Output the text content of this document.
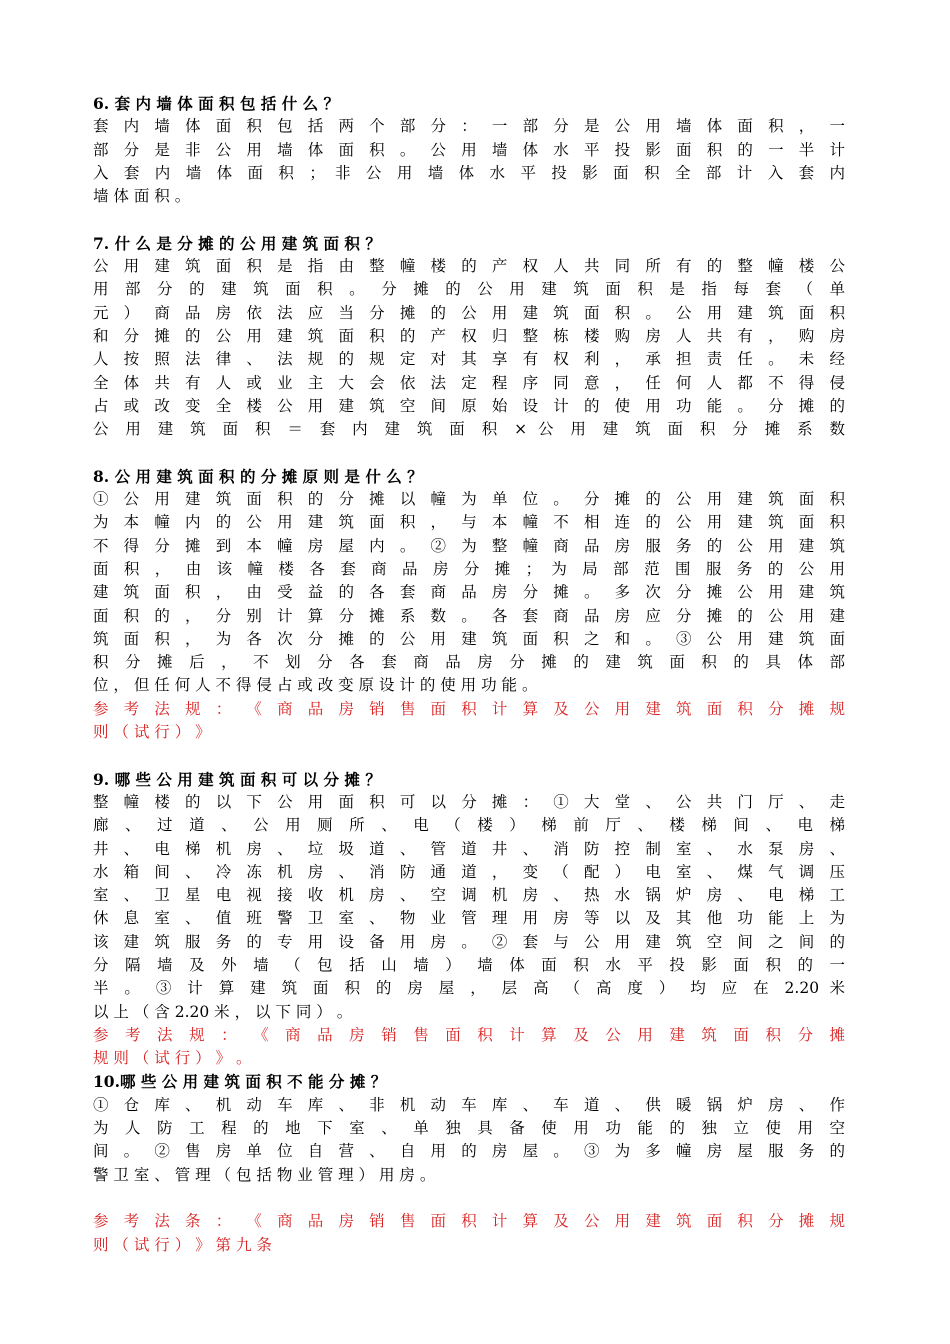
6. 套 内 墙 体 面 积 包 括 什 么 ？
套 内 墙 体 面 积 包 括 两 个 部 分 ： 一 部 分 是 公 用 墙 体 面 积 ， 一
部 分 是 非 公 用 墙 体 面 积 。 公 用 墙 体 水 平 投 影 面 积 的 一 半 计
入 套 内 墙 体 面 积 ； 非 公 用 墙 体 水 平 投 影 面 积 全 部 计 入 套 内
墙 体 面 积 。
7. 什 么 是 分 摊 的 公 用 建 筑 面 积 ？
公 用 建 筑 面 积 是 指 由 整 幢 楼 的 产 权 人 共 同 所 有 的 整 幢 楼 公
用 部 分 的 建 筑 面 积 。 分 摊 的 公 用 建 筑 面 积 是 指 每 套 （ 单
元 ） 商 品 房 依 法 应 当 分 摊 的 公 用 建 筑 面 积 。 公 用 建 筑 面 积
和 分 摊 的 公 用 建 筑 面 积 的 产 权 归 整 栋 楼 购 房 人 共 有 ， 购 房
人 按 照 法 律 、 法 规 的 规 定 对 其 享 有 权 利 ， 承 担 责 任 。 未 经
全 体 共 有 人 或 业 主 大 会 依 法 定 程 序 同 意 ， 任 何 人 都 不 得 侵
占 或 改 变 全 楼 公 用 建 筑 空 间 原 始 设 计 的 使 用 功 能 。 分 摊 的
公 用 建 筑 面 积 ＝ 套 内 建 筑 面 积 × 公 用 建 筑 面 积 分 摊 系 数
8. 公 用 建 筑 面 积 的 分 摊 原 则 是 什 么 ？
① 公 用 建 筑 面 积 的 分 摊 以 幢 为 单 位 。 分 摊 的 公 用 建 筑 面 积
为 本 幢 内 的 公 用 建 筑 面 积 ， 与 本 幢 不 相 连 的 公 用 建 筑 面 积
不 得 分 摊 到 本 幢 房 屋 内 。 ② 为 整 幢 商 品 房 服 务 的 公 用 建 筑
面 积 ， 由 该 幢 楼 各 套 商 品 房 分 摊 ； 为 局 部 范 围 服 务 的 公 用
建 筑 面 积 ， 由 受 益 的 各 套 商 品 房 分 摊 。 多 次 分 摊 公 用 建 筑
面 积 的 ， 分 别 计 算 分 摊 系 数 。 各 套 商 品 房 应 分 摊 的 公 用 建
筑 面 积 ， 为 各 次 分 摊 的 公 用 建 筑 面 积 之 和 。 ③ 公 用 建 筑 面
积 分 摊 后 ， 不 划 分 各 套 商 品 房 分 摊 的 建 筑 面 积 的 具 体 部
位 ， 但 任 何 人 不 得 侵 占 或 改 变 原 设 计 的 使 用 功 能 。
参 考 法 规 ： 《 商 品 房 销 售 面 积 计 算 及 公 用 建 筑 面 积 分 摊 规
则 （ 试 行 ） 》
9. 哪 些 公 用 建 筑 面 积 可 以 分 摊 ？
整 幢 楼 的 以 下 公 用 面 积 可 以 分 摊 ： ① 大 堂 、 公 共 门 厅 、 走
廊 、 过 道 、 公 用 厕 所 、 电 （ 楼 ） 梯 前 厅 、 楼 梯 间 、 电 梯
井 、 电 梯 机 房 、 垃 圾 道 、 管 道 井 、 消 防 控 制 室 、 水 泵 房 、
水 箱 间 、 冷 冻 机 房 、 消 防 通 道 ， 变 （ 配 ） 电 室 、 煤 气 调 压
室 、 卫 星 电 视 接 收 机 房 、 空 调 机 房 、 热 水 锅 炉 房 、 电 梯 工
休 息 室 、 值 班 警 卫 室 、 物 业 管 理 用 房 等 以 及 其 他 功 能 上 为
该 建 筑 服 务 的 专 用 设 备 用 房 。 ② 套 与 公 用 建 筑 空 间 之 间 的
分 隔 墙 及 外 墙 （ 包 括 山 墙 ） 墙 体 面 积 水 平 投 影 面 积 的 一
半 。 ③ 计 算 建 筑 面 积 的 房 屋 ， 层 高 （ 高 度 ） 均 应 在 2.20 米
以 上 （ 含 2.20 米 ， 以 下 同 ） 。
参 考 法 规 ： 《 商 品 房 销 售 面 积 计 算 及 公 用 建 筑 面 积 分 摊
规 则 （ 试 行 ） 》 。
10.哪 些 公 用 建 筑 面 积 不 能 分 摊 ？
① 仓 库 、 机 动 车 库 、 非 机 动 车 库 、 车 道 、 供 暖 锅 炉 房 、 作
为 人 防 工 程 的 地 下 室 、 单 独 具 备 使 用 功 能 的 独 立 使 用 空
间 。 ② 售 房 单 位 自 营 、 自 用 的 房 屋 。 ③ 为 多 幢 房 屋 服 务 的
警 卫 室 、 管 理 （ 包 括 物 业 管 理 ） 用 房 。
参 考 法 条 ： 《 商 品 房 销 售 面 积 计 算 及 公 用 建 筑 面 积 分 摊 规
则 （ 试 行 ） 》 第 九 条
